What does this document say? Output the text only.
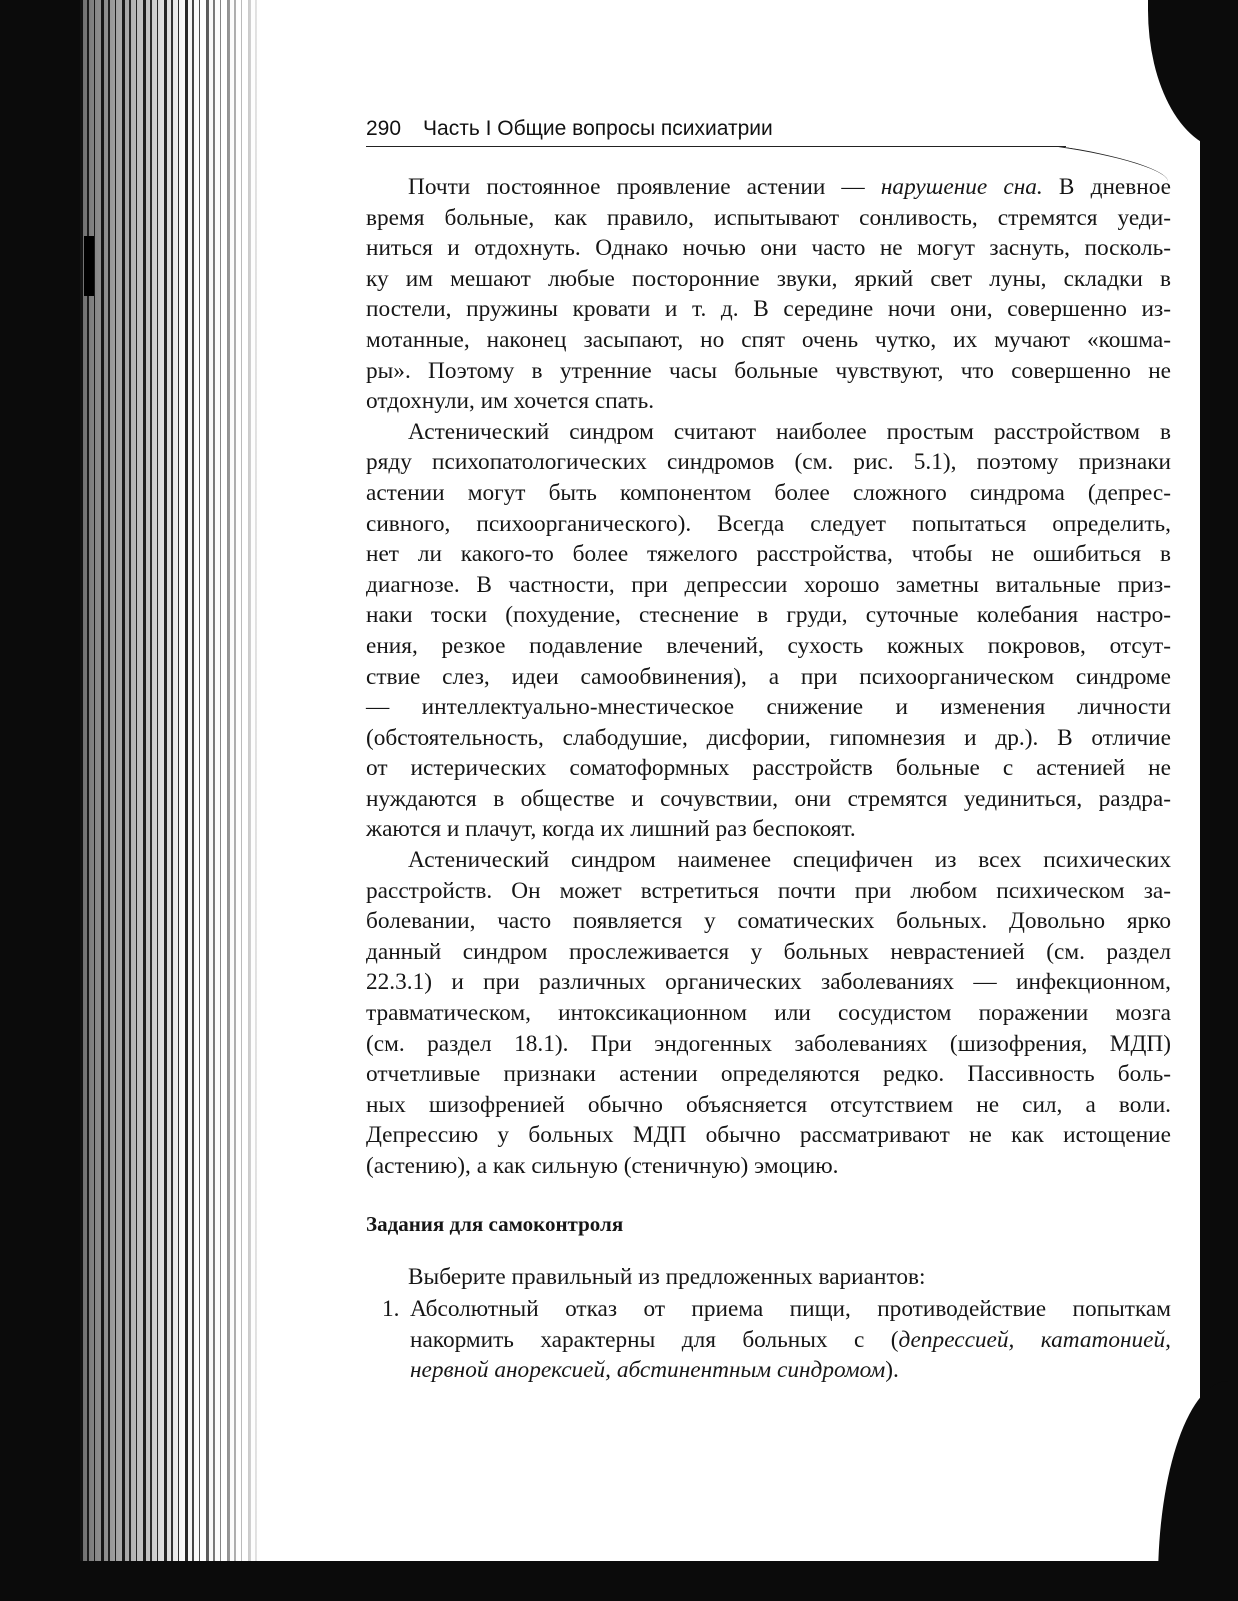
290 Часть I Общие вопросы психиатрии

Почти постоянное проявление астении — нарушение сна. В дневное
время больные, как правило, испытывают сонливость, стремятся уеди-
ниться и отдохнуть. Однако ночью они часто не могут заснуть, посколь-
ку им мешают любые посторонние звуки, яркий свет луны, складки в
постели, пружины кровати и т. д. В середине ночи они, совершенно из-
мотанные, наконец засыпают, но спят очень чутко, их мучают «кошма-
ры». Поэтому в утренние часы больные чувствуют, что совершенно не
отдохнули, им хочется спать.

Астенический синдром считают наиболее простым расстройством в
ряду психопатологических синдромов (см. рис. 5.1), поэтому признаки
астении могут быть компонентом более сложного синдрома (депрес-
сивного, психоорганического). Всегда следует попытаться определить,
нет ли какого-то более тяжелого расстройства, чтобы не ошибиться в
диагнозе. В частности, при депрессии хорошо заметны витальные приз-
наки тоски (похудение, стеснение в груди, суточные колебания настро-
ения, резкое подавление влечений, сухость кожных покровов, отсут-
ствие слез, идеи самообвинения), а при психоорганическом синдроме
— интеллектуально-мнестическое снижение и изменения личности
(обстоятельность, слабодушие, дисфории, гипомнезия и др.). В отличие
от истерических соматоформных расстройств больные с астенией не
нуждаются в обществе и сочувствии, они стремятся уединиться, раздра-
жаются и плачут, когда их лишний раз беспокоят.

Астенический синдром наименее специфичен из всех психических
расстройств. Он может встретиться почти при любом психическом за-
болевании, часто появляется у соматических больных. Довольно ярко
данный синдром прослеживается у больных неврастенией (см. раздел
22.3.1) и при различных органических заболеваниях — инфекционном,
травматическом, интоксикационном или сосудистом поражении мозга
(см. раздел 18.1). При эндогенных заболеваниях (шизофрения, МДП)
отчетливые признаки астении определяются редко. Пассивность боль-
ных шизофренией обычно объясняется отсутствием не сил, а воли.
Депрессию у больных МДП обычно рассматривают не как истощение
(астению), а как сильную (стеничную) эмоцию.

Задания для самоконтроля
Выберите правильный из предложенных вариантов:
1. Абсолютный отказ от приема пищи, противодействие попыткам
накормить характерны для больных с (депрессией, кататонией,
нервной анорексией, абстинентным синдромом).
